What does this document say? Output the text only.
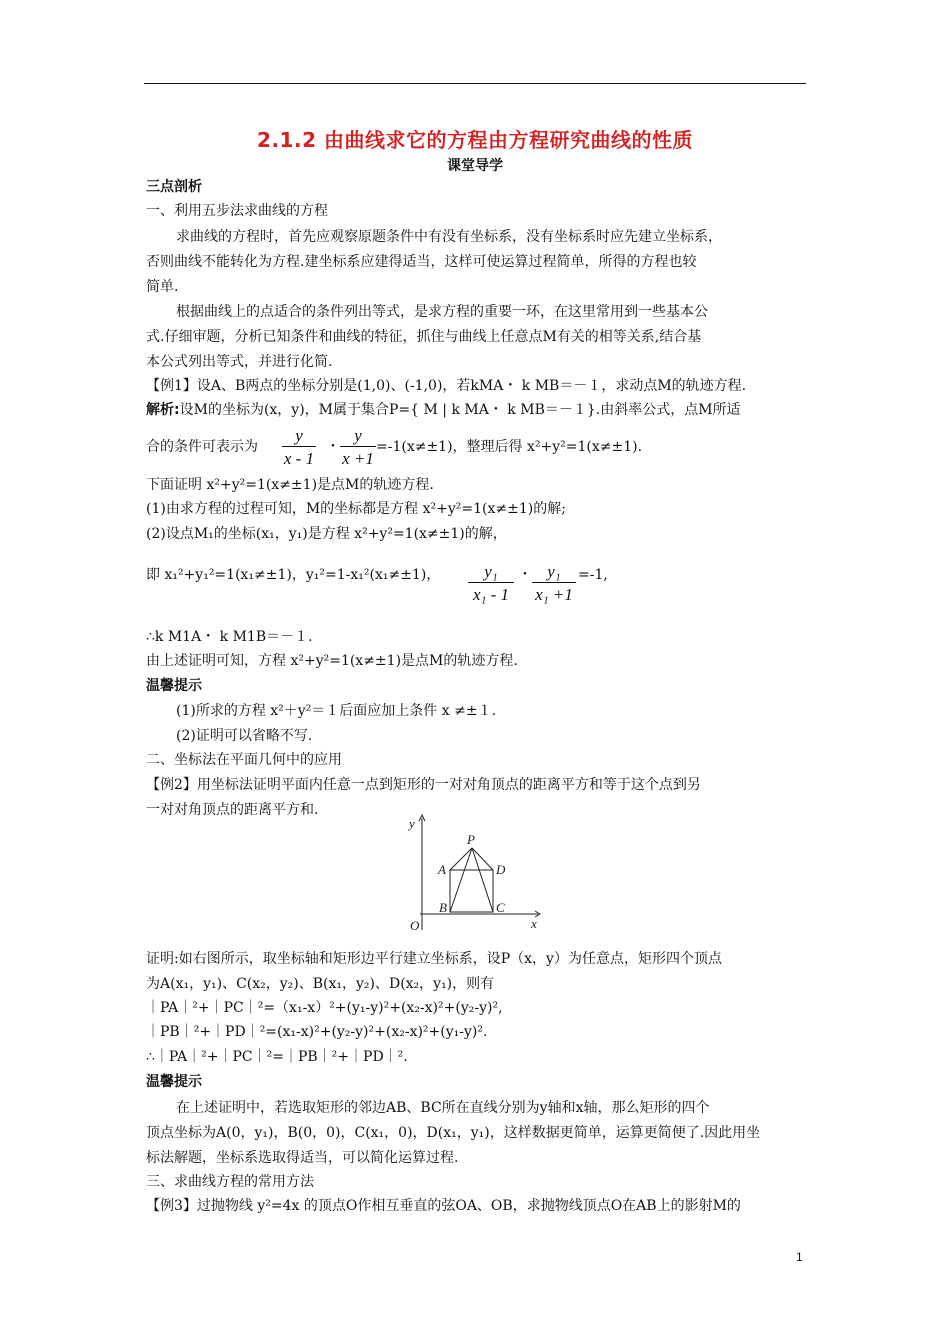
2.1.2 由曲线求它的方程由方程研究曲线的性质
课堂导学
三点剖析
一、利用五步法求曲线的方程
求曲线的方程时，首先应观察原题条件中有没有坐标系，没有坐标系时应先建立坐标系，
否则曲线不能转化为方程.建坐标系应建得适当，这样可使运算过程简单，所得的方程也较
简单.
根据曲线上的点适合的条件列出等式，是求方程的重要一环，在这里常用到一些基本公
式.仔细审题，分析已知条件和曲线的特征，抓住与曲线上任意点M有关的相等关系,结合基
本公式列出等式，并进行化简.
【例1】设A、B两点的坐标分别是(1,0)、(-1,0)，若kMA・ k MB＝－１，求动点M的轨迹方程.
解析:设M的坐标为(x，y)，M属于集合P={ M | k MA・ k MB＝－１}.由斜率公式，点M所适
合的条件可表示为 $\frac{y}{x - 1}$ ・ $\frac{y}{x +1} =-1(x\ne\pm 1)$，整理后得 x²+y²=1(x≠±1).
下面证明 x²+y²=1(x≠±1)是点M的轨迹方程.
(1)由求方程的过程可知，M的坐标都是方程 x²+y²=1(x≠±1)的解;
(2)设点M₁的坐标(x₁，y₁)是方程 x²+y²=1(x≠±1)的解，
即 x₁²+y₁²=1(x₁≠±1)，y₁²=1-x₁²(x₁≠±1)， $\frac{\text{y₁}}{\text{x₁ - 1}}$ ・ $\frac{\text{y₁}}{\text{x₁ +1}} =-1$,
∴k M1A・ k M1B＝－１.
由上述证明可知，方程 x²+y²=1(x≠±1)是点M的轨迹方程.
温馨提示
(1)所求的方程 x²＋y²＝１后面应加上条件 x ≠±１.
(2)证明可以省略不写.
二、坐标法在平面几何中的应用
【例2】用坐标法证明平面内任意一点到矩形的一对对角顶点的距离平方和等于这个点到另
一对对角顶点的距离平方和.
y
x
O
P
A
B	C
D
证明:如右图所示，取坐标轴和矩形边平行建立坐标系，设P（x，y）为任意点，矩形四个顶点
为A(x₁，y₁)、C(x₂，y₂)、B(x₁，y₂)、D(x₂，y₁)，则有
｜PA｜²+｜PC｜²=（x₁-x）²+(y₁-y)²+(x₂-x)²+(y₂-y)²,
｜PB｜²+｜PD｜²=(x₁-x)²+(y₂-y)²+(x₂-x)²+(y₁-y)².
∴｜PA｜²+｜PC｜²=｜PB｜²+｜PD｜².
温馨提示
在上述证明中，若选取矩形的邻边AB、BC所在直线分别为y轴和x轴，那么矩形的四个
顶点坐标为A(0，y₁)，B(0，0)，C(x₁，0)，D(x₁，y₁)，这样数据更简单，运算更简便了.因此用坐
标法解题，坐标系选取得适当，可以简化运算过程.
三、求曲线方程的常用方法
【例3】过抛物线 y²=4x 的顶点O作相互垂直的弦OA、OB，求抛物线顶点O在AB上的影射M的
1
